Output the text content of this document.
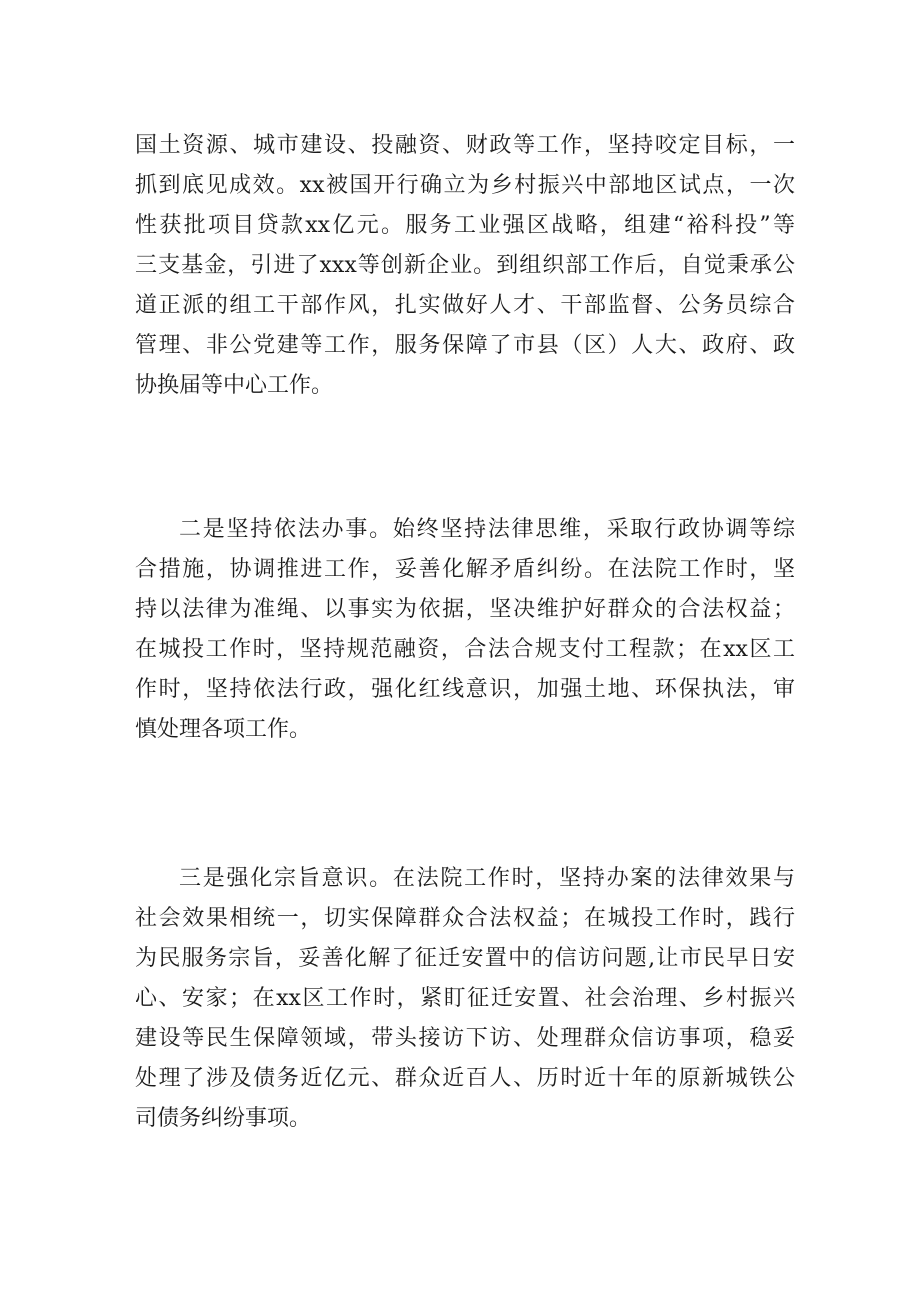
国土资源、城市建设、投融资、财政等工作，坚持咬定目标，一
抓到底见成效。xx被国开行确立为乡村振兴中部地区试点，一次
性获批项目贷款xx亿元。服务工业强区战略，组建“裕科投”等
三支基金，引进了xxx等创新企业。到组织部工作后，自觉秉承公
道正派的组工干部作风，扎实做好人才、干部监督、公务员综合
管理、非公党建等工作，服务保障了市县（区）人大、政府、政
协换届等中心工作。
二是坚持依法办事。始终坚持法律思维，采取行政协调等综
合措施，协调推进工作，妥善化解矛盾纠纷。在法院工作时，坚
持以法律为准绳、以事实为依据，坚决维护好群众的合法权益；
在城投工作时，坚持规范融资，合法合规支付工程款；在xx区工
作时，坚持依法行政，强化红线意识，加强土地、环保执法，审
慎处理各项工作。
三是强化宗旨意识。在法院工作时，坚持办案的法律效果与
社会效果相统一，切实保障群众合法权益；在城投工作时，践行
为民服务宗旨，妥善化解了征迁安置中的信访问题,让市民早日安
心、安家；在xx区工作时，紧盯征迁安置、社会治理、乡村振兴
建设等民生保障领域，带头接访下访、处理群众信访事项，稳妥
处理了涉及债务近亿元、群众近百人、历时近十年的原新城铁公
司债务纠纷事项。
